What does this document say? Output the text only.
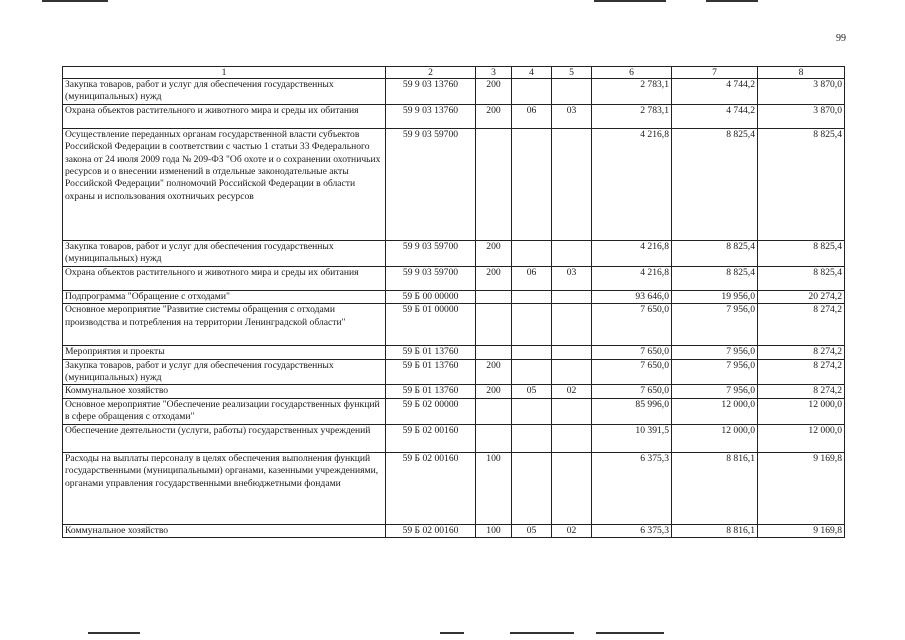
99
1	2	3	4	5	6	7	8
Закупка товаров, работ и услуг для обеспечения государственных (муниципальных) нужд	59 9 03 13760	200			2 783,1	4 744,2	3 870,0
Охрана объектов растительного и животного мира и среды их обитания	59 9 03 13760	200	06	03	2 783,1	4 744,2	3 870,0
Осуществление переданных органам государственной власти субъектов Российской Федерации в соответствии с частью 1 статьи 33 Федерального закона от 24 июля 2009 года № 209-ФЗ "Об охоте и о сохранении охотничьих ресурсов и о внесении изменений в отдельные законодательные акты Российской Федерации" полномочий Российской Федерации в области охраны и использования охотничьих ресурсов	59 9 03 59700				4 216,8	8 825,4	8 825,4
Закупка товаров, работ и услуг для обеспечения государственных (муниципальных) нужд	59 9 03 59700	200			4 216,8	8 825,4	8 825,4
Охрана объектов растительного и животного мира и среды их обитания	59 9 03 59700	200	06	03	4 216,8	8 825,4	8 825,4
Подпрограмма "Обращение с отходами"	59 Б 00 00000				93 646,0	19 956,0	20 274,2
Основное мероприятие "Развитие системы обращения с отходами производства и потребления на территории Ленинградской области"	59 Б 01 00000				7 650,0	7 956,0	8 274,2
Мероприятия и проекты	59 Б 01 13760				7 650,0	7 956,0	8 274,2
Закупка товаров, работ и услуг для обеспечения государственных (муниципальных) нужд	59 Б 01 13760	200			7 650,0	7 956,0	8 274,2
Коммунальное хозяйство	59 Б 01 13760	200	05	02	7 650,0	7 956,0	8 274,2
Основное мероприятие "Обеспечение реализации государственных функций в сфере обращения с отходами"	59 Б 02 00000				85 996,0	12 000,0	12 000,0
Обеспечение деятельности (услуги, работы) государственных учреждений	59 Б 02 00160				10 391,5	12 000,0	12 000,0
Расходы на выплаты персоналу в целях обеспечения выполнения функций государственными (муниципальными) органами, казенными учреждениями, органами управления государственными внебюджетными фондами	59 Б 02 00160	100			6 375,3	8 816,1	9 169,8
Коммунальное хозяйство	59 Б 02 00160	100	05	02	6 375,3	8 816,1	9 169,8
